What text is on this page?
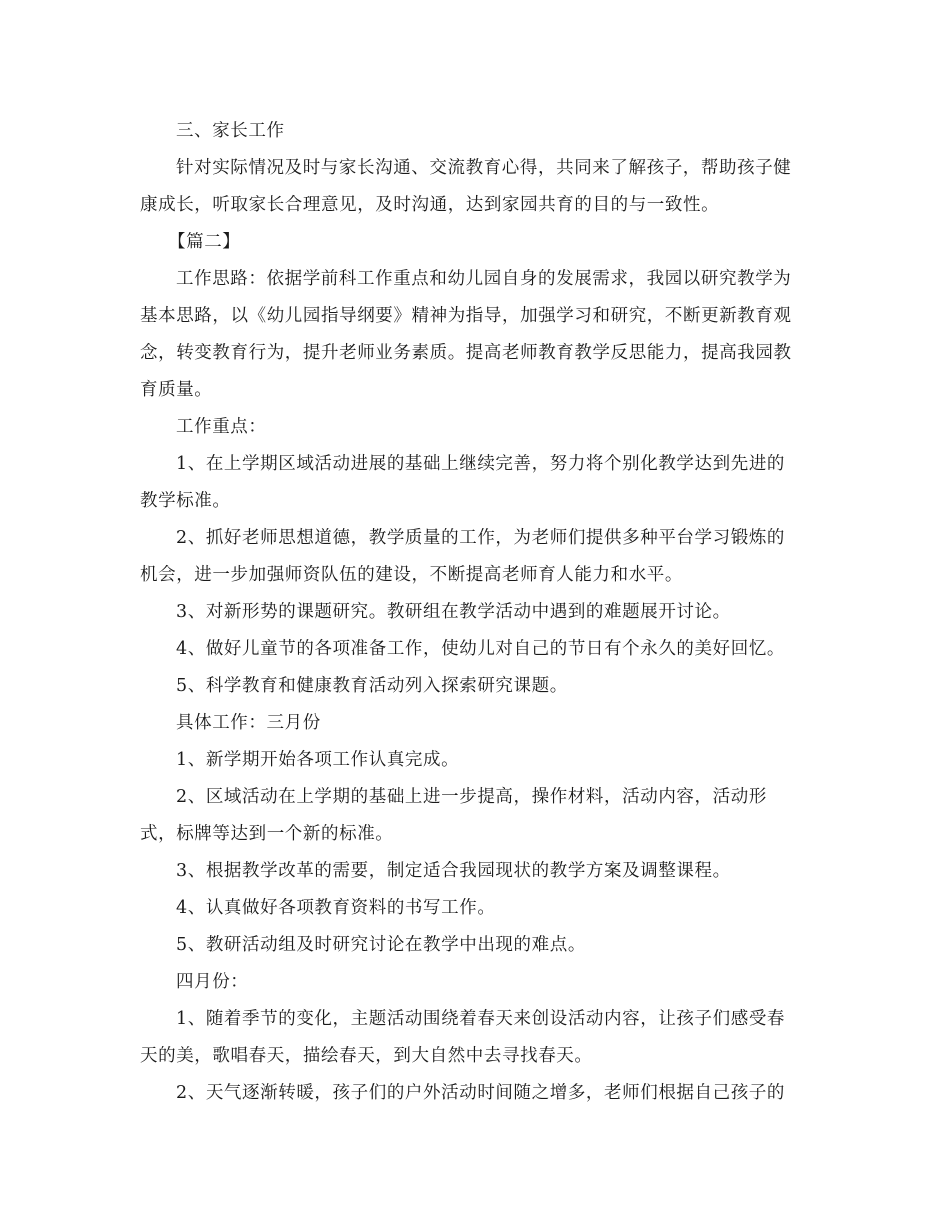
三、家长工作
针对实际情况及时与家长沟通、交流教育心得，共同来了解孩子，帮助孩子健
康成长，听取家长合理意见，及时沟通，达到家园共育的目的与一致性。
【篇二】
工作思路：依据学前科工作重点和幼儿园自身的发展需求，我园以研究教学为
基本思路，以《幼儿园指导纲要》精神为指导，加强学习和研究，不断更新教育观
念，转变教育行为，提升老师业务素质。提高老师教育教学反思能力，提高我园教
育质量。
工作重点：
1、在上学期区域活动进展的基础上继续完善，努力将个别化教学达到先进的
教学标准。
2、抓好老师思想道德，教学质量的工作，为老师们提供多种平台学习锻炼的
机会，进一步加强师资队伍的建设，不断提高老师育人能力和水平。
3、对新形势的课题研究。教研组在教学活动中遇到的难题展开讨论。
4、做好儿童节的各项准备工作，使幼儿对自己的节日有个永久的美好回忆。
5、科学教育和健康教育活动列入探索研究课题。
具体工作：三月份
1、新学期开始各项工作认真完成。
2、区域活动在上学期的基础上进一步提高，操作材料，活动内容，活动形
式，标牌等达到一个新的标准。
3、根据教学改革的需要，制定适合我园现状的教学方案及调整课程。
4、认真做好各项教育资料的书写工作。
5、教研活动组及时研究讨论在教学中出现的难点。
四月份：
1、随着季节的变化，主题活动围绕着春天来创设活动内容，让孩子们感受春
天的美，歌唱春天，描绘春天，到大自然中去寻找春天。
2、天气逐渐转暖，孩子们的户外活动时间随之增多，老师们根据自己孩子的
